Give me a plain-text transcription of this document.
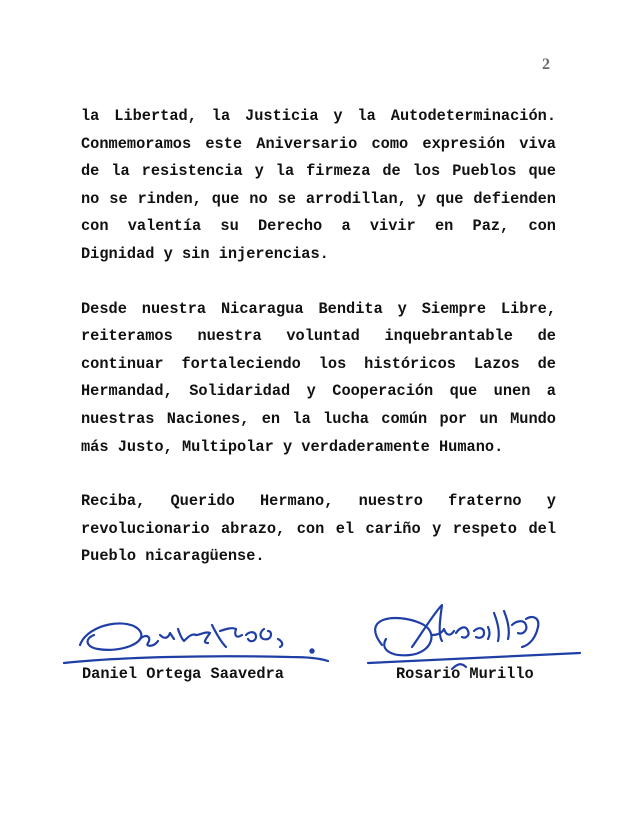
2

la Libertad, la Justicia y la Autodeterminación. Conmemoramos este Aniversario como expresión viva de la resistencia y la firmeza de los Pueblos que no se rinden, que no se arrodillan, y que defienden con valentía su Derecho a vivir en Paz, con Dignidad y sin injerencias.

Desde nuestra Nicaragua Bendita y Siempre Libre, reiteramos nuestra voluntad inquebrantable de continuar fortaleciendo los históricos Lazos de Hermandad, Solidaridad y Cooperación que unen a nuestras Naciones, en la lucha común por un Mundo más Justo, Multipolar y verdaderamente Humano.

Reciba, Querido Hermano, nuestro fraterno y revolucionario abrazo, con el cariño y respeto del Pueblo nicaragüense.

Daniel Ortega Saavedra	Rosario Murillo
